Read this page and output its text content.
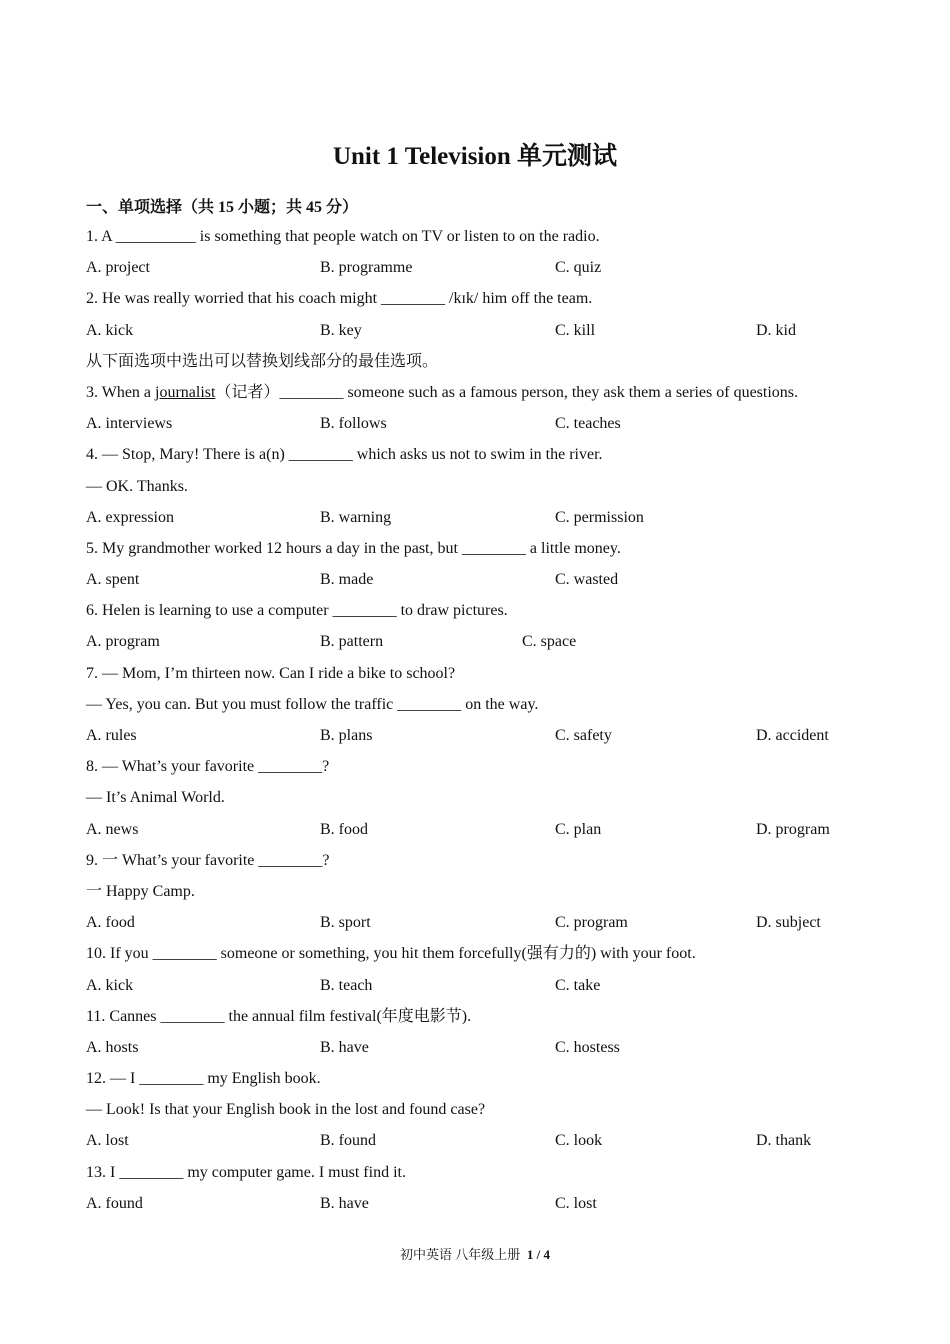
Unit 1 Television 单元测试
一、单项选择（共 15 小题；共 45 分）
1. A __________ is something that people watch on TV or listen to on the radio.
A. project	B. programme	C. quiz
2. He was really worried that his coach might ________ /kɪk/ him off the team.
A. kick	B. key	C. kill	D. kid
从下面选项中选出可以替换划线部分的最佳选项。
3. When a journalist（记者）________ someone such as a famous person, they ask them a series of questions.
A. interviews	B. follows	C. teaches
4. — Stop, Mary! There is a(n) ________ which asks us not to swim in the river.
— OK. Thanks.
A. expression	B. warning	C. permission
5. My grandmother worked 12 hours a day in the past, but ________ a little money.
A. spent	B. made	C. wasted
6. Helen is learning to use a computer ________ to draw pictures.
A. program	B. pattern	C. space
7. — Mom, I’m thirteen now. Can I ride a bike to school?
— Yes, you can. But you must follow the traffic ________ on the way.
A. rules	B. plans	C. safety	D. accident
8. — What’s your favorite ________?
— It’s Animal World.
A. news	B. food	C. plan	D. program
9. 一 What’s your favorite ________?
一 Happy Camp.
A. food	B. sport	C. program	D. subject
10. If you ________ someone or something, you hit them forcefully(强有力的) with your foot.
A. kick	B. teach	C. take
11. Cannes ________ the annual film festival(年度电影节).
A. hosts	B. have	C. hostess
12. — I ________ my English book.
— Look! Is that your English book in the lost and found case?
A. lost	B. found	C. look	D. thank
13. I ________ my computer game. I must find it.
A. found	B. have	C. lost
初中英语 八年级上册 1 / 4
